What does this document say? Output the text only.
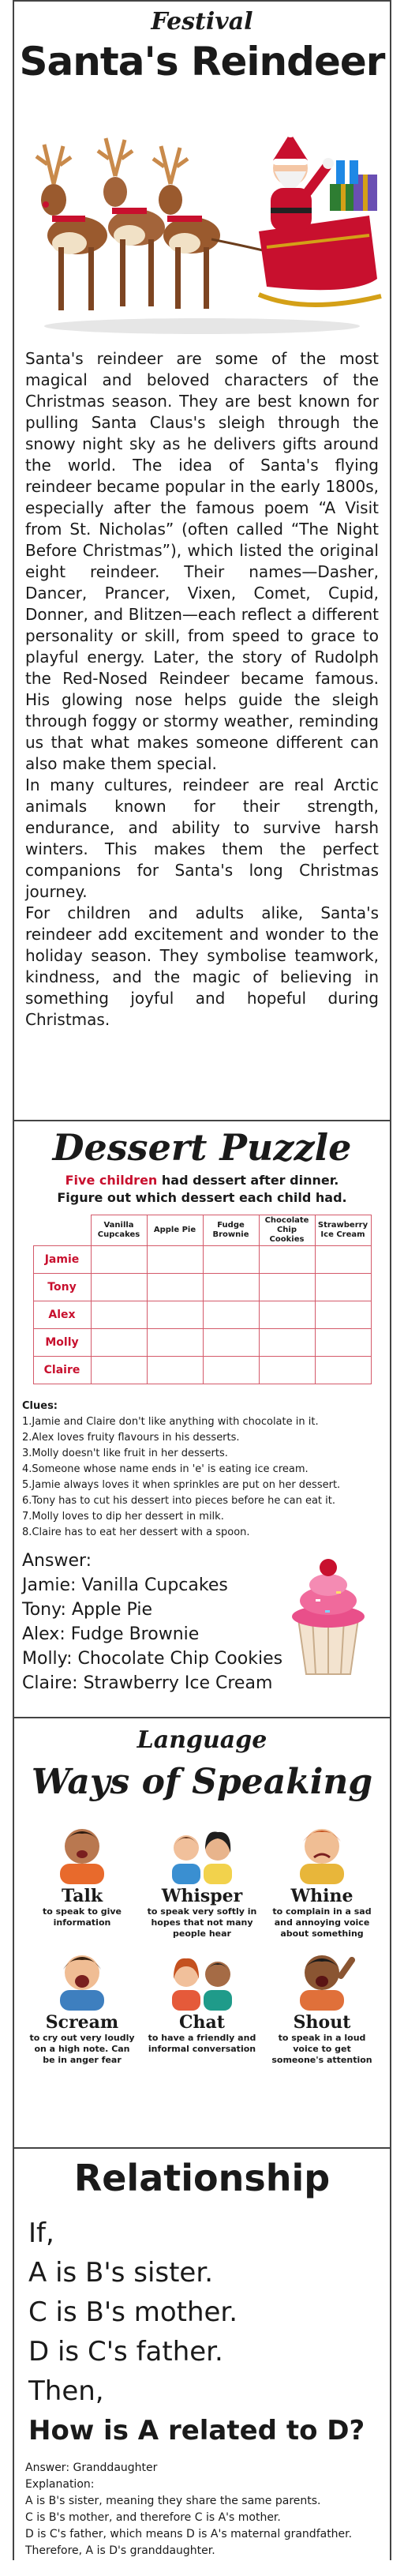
Festival
Santa's Reindeer

Santa's reindeer are some of the most magical and beloved characters of the Christmas season. They are best known for pulling Santa Claus's sleigh through the snowy night sky as he delivers gifts around the world. The idea of Santa's flying reindeer became popular in the early 1800s, especially after the famous poem “A Visit from St. Nicholas” (often called “The Night Before Christmas”), which listed the original eight reindeer. Their names—Dasher, Dancer, Prancer, Vixen, Comet, Cupid, Donner, and Blitzen—each reflect a different personality or skill, from speed to grace to playful energy. Later, the story of Rudolph the Red-Nosed Reindeer became famous. His glowing nose helps guide the sleigh through foggy or stormy weather, reminding us that what makes someone different can also make them special.

In many cultures, reindeer are real Arctic animals known for their strength, endurance, and ability to survive harsh winters. This makes them the perfect companions for Santa's long Christmas journey.

For children and adults alike, Santa's reindeer add excitement and wonder to the holiday season. They symbolise teamwork, kindness, and the magic of believing in something joyful and hopeful during Christmas.

Dessert Puzzle
Five children had dessert after dinner.
Figure out which dessert each child had.
	Vanilla Cupcakes	Apple Pie	Fudge Brownie	Chocolate Chip Cookies	Strawberry Ice Cream
Jamie					
Tony					
Alex					
Molly					
Claire					
Clues:
1.Jamie and Claire don't like anything with chocolate in it.
2.Alex loves fruity flavours in his desserts.
3.Molly doesn't like fruit in her desserts.
4.Someone whose name ends in 'e' is eating ice cream.
5.Jamie always loves it when sprinkles are put on her dessert.
6.Tony has to cut his dessert into pieces before he can eat it.
7.Molly loves to dip her dessert in milk.
8.Claire has to eat her dessert with a spoon.
Answer:
Jamie: Vanilla Cupcakes
Tony: Apple Pie
Alex: Fudge Brownie
Molly: Chocolate Chip Cookies
Claire: Strawberry Ice Cream
Language
Ways of Speaking
Talk
to speak to give information
Whisper
to speak very softly in hopes that not many people hear
Whine
to complain in a sad and annoying voice about something
Scream
to cry out very loudly on a high note. Can be in anger fear
Chat
to have a friendly and informal conversation
Shout
to speak in a loud voice to get someone's attention
Relationship
If,
A is B's sister.
C is B's mother.
D is C's father.
Then,
How is A related to D?
Answer: Granddaughter
Explanation:
A is B's sister, meaning they share the same parents.
C is B's mother, and therefore C is A's mother.
D is C's father, which means D is A's maternal grandfather.
Therefore, A is D's granddaughter.
